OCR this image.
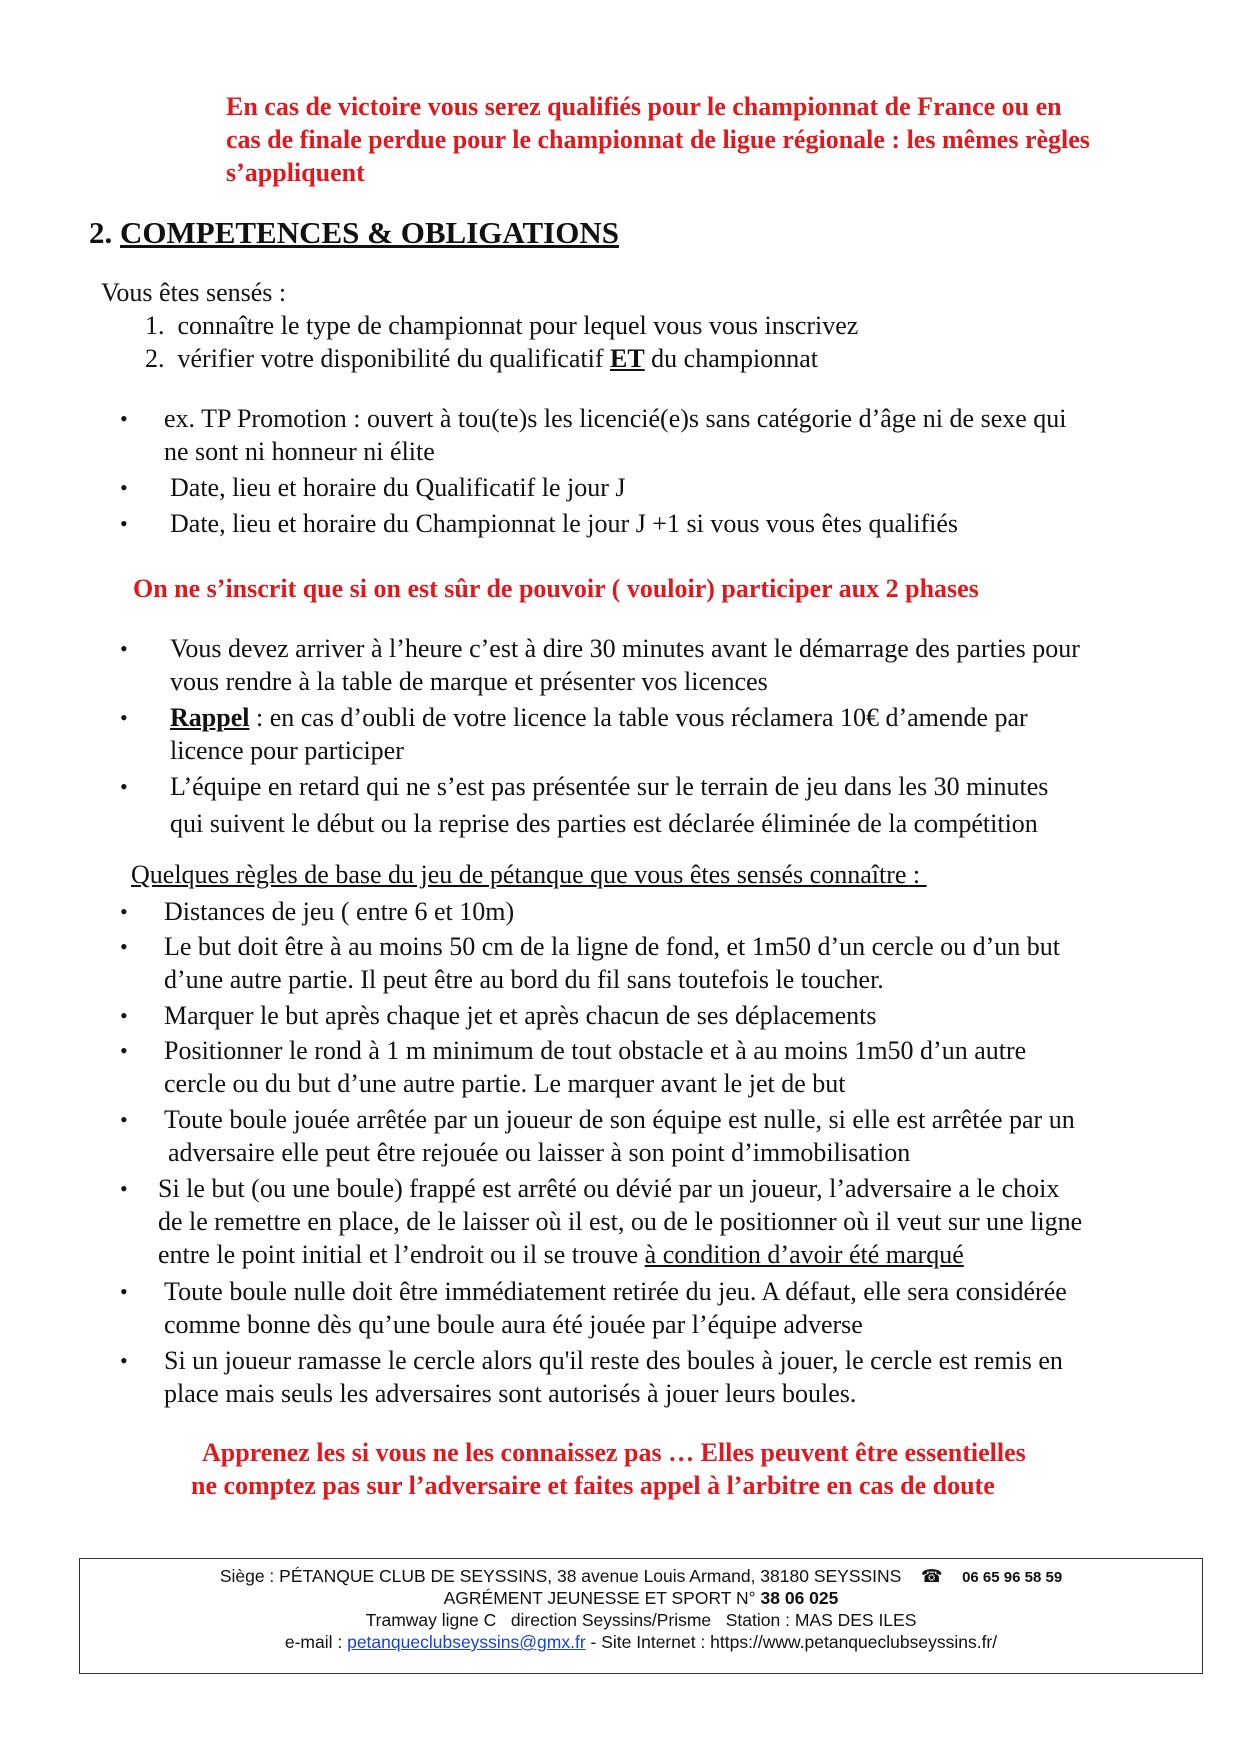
En cas de victoire vous serez qualifiés pour le championnat de France ou en
cas de finale perdue pour le championnat de ligue régionale : les mêmes règles
s’appliquent
2. COMPETENCES & OBLIGATIONS
Vous êtes sensés :
1. connaître le type de championnat pour lequel vous vous inscrivez
2. vérifier votre disponibilité du qualificatif ET du championnat
• ex. TP Promotion : ouvert à tou(te)s les licencié(e)s sans catégorie d’âge ni de sexe qui
ne sont ni honneur ni élite
• Date, lieu et horaire du Qualificatif le jour J
• Date, lieu et horaire du Championnat le jour J +1 si vous vous êtes qualifiés
On ne s’inscrit que si on est sûr de pouvoir ( vouloir) participer aux 2 phases
• Vous devez arriver à l’heure c’est à dire 30 minutes avant le démarrage des parties pour
vous rendre à la table de marque et présenter vos licences
• Rappel : en cas d’oubli de votre licence la table vous réclamera 10€ d’amende par
licence pour participer
• L’équipe en retard qui ne s’est pas présentée sur le terrain de jeu dans les 30 minutes
qui suivent le début ou la reprise des parties est déclarée éliminée de la compétition
Quelques règles de base du jeu de pétanque que vous êtes sensés connaître :
• Distances de jeu ( entre 6 et 10m)
• Le but doit être à au moins 50 cm de la ligne de fond, et 1m50 d’un cercle ou d’un but
d’une autre partie. Il peut être au bord du fil sans toutefois le toucher.
• Marquer le but après chaque jet et après chacun de ses déplacements
• Positionner le rond à 1 m minimum de tout obstacle et à au moins 1m50 d’un autre
cercle ou du but d’une autre partie. Le marquer avant le jet de but
• Toute boule jouée arrêtée par un joueur de son équipe est nulle, si elle est arrêtée par un
adversaire elle peut être rejouée ou laisser à son point d’immobilisation
• Si le but (ou une boule) frappé est arrêté ou dévié par un joueur, l’adversaire a le choix
de le remettre en place, de le laisser où il est, ou de le positionner où il veut sur une ligne
entre le point initial et l’endroit ou il se trouve à condition d’avoir été marqué
• Toute boule nulle doit être immédiatement retirée du jeu. A défaut, elle sera considérée
comme bonne dès qu’une boule aura été jouée par l’équipe adverse
• Si un joueur ramasse le cercle alors qu'il reste des boules à jouer, le cercle est remis en
place mais seuls les adversaires sont autorisés à jouer leurs boules.
Apprenez les si vous ne les connaissez pas … Elles peuvent être essentielles
ne comptez pas sur l’adversaire et faites appel à l’arbitre en cas de doute
Siège : PÉTANQUE CLUB DE SEYSSINS, 38 avenue Louis Armand, 38180 SEYSSINS ☎ 06 65 96 58 59
AGRÉMENT JEUNESSE ET SPORT N° 38 06 025
Tramway ligne C   direction Seyssins/Prisme   Station : MAS DES ILES
e-mail : petanqueclubseyssins@gmx.fr - Site Internet : https://www.petanqueclubseyssins.fr/
